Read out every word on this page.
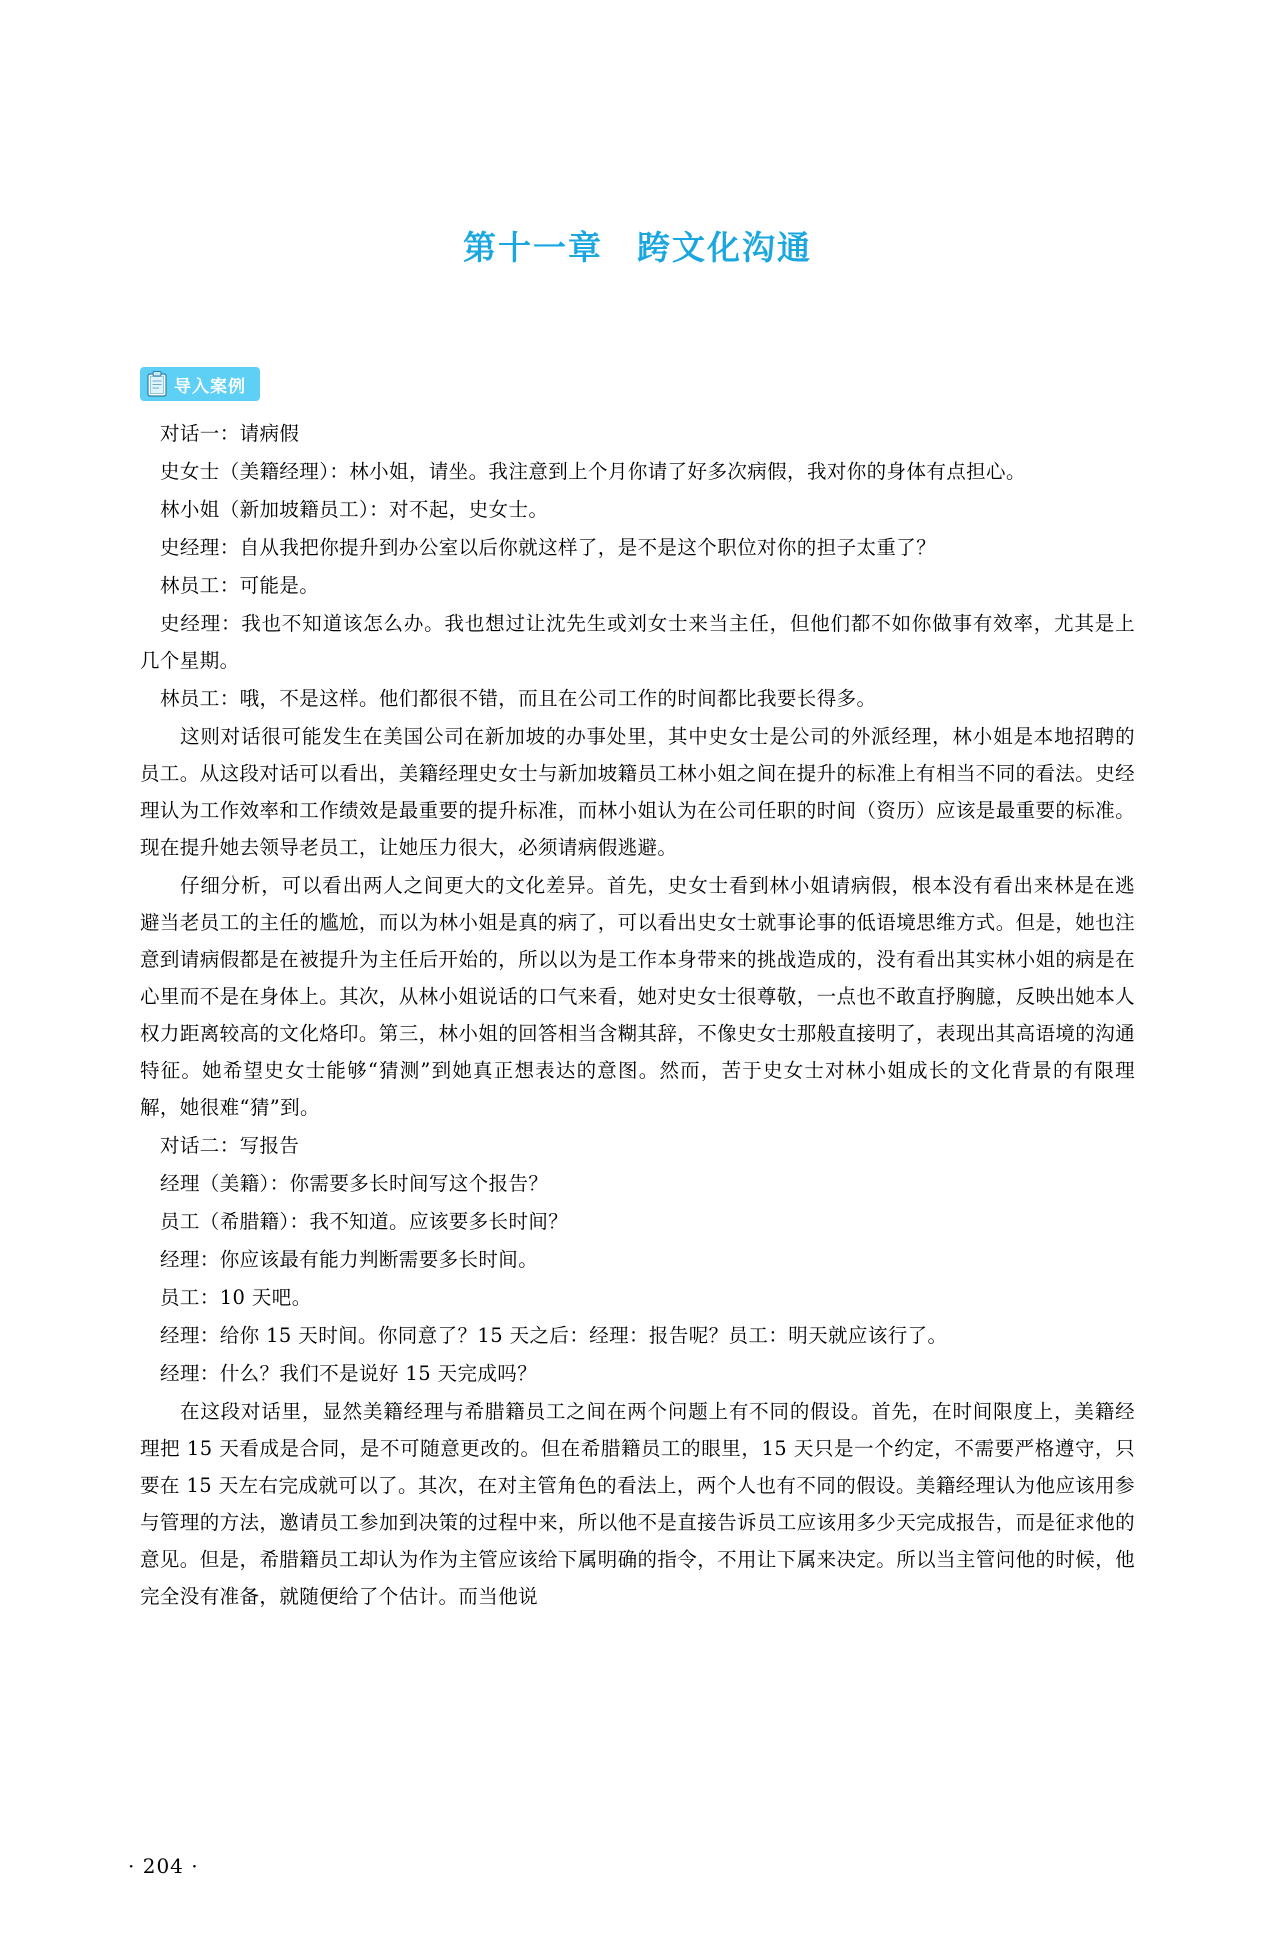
第十一章 跨文化沟通
导入案例

对话一：请病假

史女士（美籍经理）：林小姐，请坐。我注意到上个月你请了好多次病假，我对你的身体有点担心。

林小姐（新加坡籍员工）：对不起，史女士。

史经理：自从我把你提升到办公室以后你就这样了，是不是这个职位对你的担子太重了？

林员工：可能是。

史经理：我也不知道该怎么办。我也想过让沈先生或刘女士来当主任，但他们都不如你做事有效率，尤其是上几个星期。

林员工：哦，不是这样。他们都很不错，而且在公司工作的时间都比我要长得多。

这则对话很可能发生在美国公司在新加坡的办事处里，其中史女士是公司的外派经理，林小姐是本地招聘的员工。从这段对话可以看出，美籍经理史女士与新加坡籍员工林小姐之间在提升的标准上有相当不同的看法。史经理认为工作效率和工作绩效是最重要的提升标准，而林小姐认为在公司任职的时间（资历）应该是最重要的标准。现在提升她去领导老员工，让她压力很大，必须请病假逃避。

仔细分析，可以看出两人之间更大的文化差异。首先，史女士看到林小姐请病假，根本没有看出来林是在逃避当老员工的主任的尴尬，而以为林小姐是真的病了，可以看出史女士就事论事的低语境思维方式。但是，她也注意到请病假都是在被提升为主任后开始的，所以以为是工作本身带来的挑战造成的，没有看出其实林小姐的病是在心里而不是在身体上。其次，从林小姐说话的口气来看，她对史女士很尊敬，一点也不敢直抒胸臆，反映出她本人权力距离较高的文化烙印。第三，林小姐的回答相当含糊其辞，不像史女士那般直接明了，表现出其高语境的沟通特征。她希望史女士能够“猜测”到她真正想表达的意图。然而，苦于史女士对林小姐成长的文化背景的有限理解，她很难“猜”到。

对话二：写报告

经理（美籍）：你需要多长时间写这个报告？

员工（希腊籍）：我不知道。应该要多长时间？

经理：你应该最有能力判断需要多长时间。

员工：10 天吧。

经理：给你 15 天时间。你同意了？15 天之后：经理：报告呢？员工：明天就应该行了。

经理：什么？我们不是说好 15 天完成吗？

在这段对话里，显然美籍经理与希腊籍员工之间在两个问题上有不同的假设。首先，在时间限度上，美籍经理把 15 天看成是合同，是不可随意更改的。但在希腊籍员工的眼里，15 天只是一个约定，不需要严格遵守，只要在 15 天左右完成就可以了。其次，在对主管角色的看法上，两个人也有不同的假设。美籍经理认为他应该用参与管理的方法，邀请员工参加到决策的过程中来，所以他不是直接告诉员工应该用多少天完成报告，而是征求他的意见。但是，希腊籍员工却认为作为主管应该给下属明确的指令，不用让下属来决定。所以当主管问他的时候，他完全没有准备，就随便给了个估计。而当他说

· 204 ·
